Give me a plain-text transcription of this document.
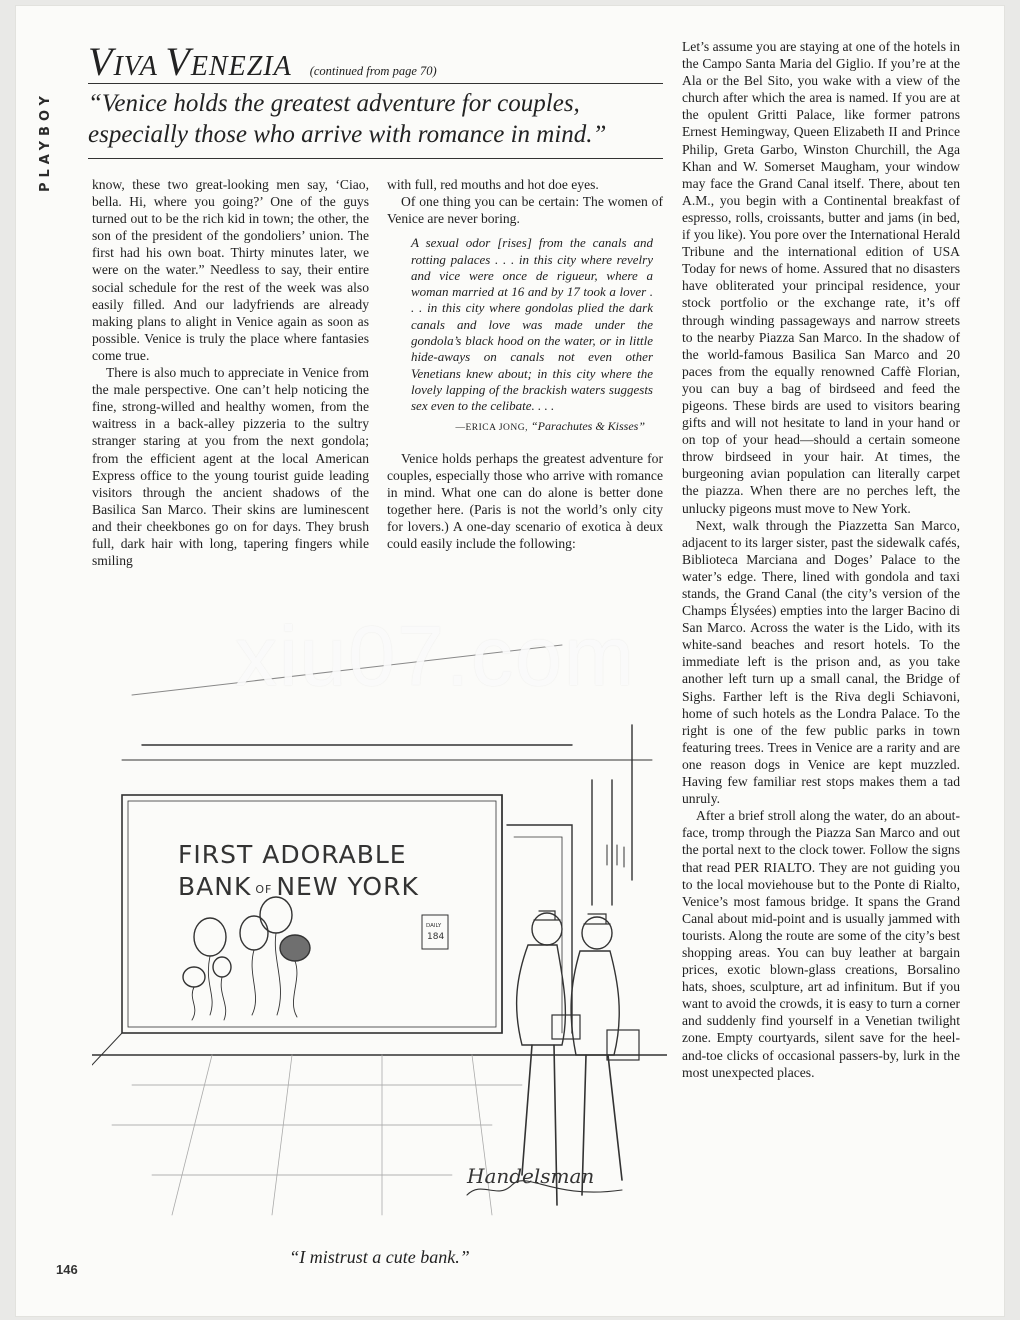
PLAYBOY
VIVA VENEZIA (continued from page 70)
“Venice holds the greatest adventure for couples, especially those who arrive with romance in mind.”

know, these two great-looking men say, ‘Ciao, bella. Hi, where you going?’ One of the guys turned out to be the rich kid in town; the other, the son of the president of the gondoliers’ union. The first had his own boat. Thirty minutes later, we were on the water.” Needless to say, their entire social schedule for the rest of the week was also easily filled. And our ladyfriends are already making plans to alight in Venice again as soon as possible. Venice is truly the place where fantasies come true.

There is also much to appreciate in Venice from the male perspective. One can’t help noticing the fine, strong-willed and healthy women, from the waitress in a back-alley pizzeria to the sultry stranger staring at you from the next gondola; from the efficient agent at the local American Express office to the young tourist guide leading visitors through the ancient shadows of the Basilica San Marco. Their skins are luminescent and their cheekbones go on for days. They brush full, dark hair with long, tapering fingers while smiling

with full, red mouths and hot doe eyes.

Of one thing you can be certain: The women of Venice are never boring.

A sexual odor [rises] from the canals and rotting palaces . . . in this city where revelry and vice were once de rigueur, where a woman married at 16 and by 17 took a lover . . . in this city where gondolas plied the dark canals and love was made under the gondola’s black hood on the water, or in little hide-aways on canals not even other Venetians knew about; in this city where the lovely lapping of the brackish waters suggests sex even to the celibate. . . .
—ERICA JONG, “Parachutes & Kisses”

Venice holds perhaps the greatest adventure for couples, especially those who arrive with romance in mind. What one can do alone is better done together here. (Paris is not the world’s only city for lovers.) A one-day scenario of exotica à deux could easily include the following:

Let’s assume you are staying at one of the hotels in the Campo Santa Maria del Giglio. If you’re at the Ala or the Bel Sito, you wake with a view of the church after which the area is named. If you are at the opulent Gritti Palace, like former patrons Ernest Hemingway, Queen Elizabeth II and Prince Philip, Greta Garbo, Winston Churchill, the Aga Khan and W. Somerset Maugham, your window may face the Grand Canal itself. There, about ten A.M., you begin with a Continental breakfast of espresso, rolls, croissants, butter and jams (in bed, if you like). You pore over the International Herald Tribune and the international edition of USA Today for news of home. Assured that no disasters have obliterated your principal residence, your stock portfolio or the exchange rate, it’s off through winding passageways and narrow streets to the nearby Piazza San Marco. In the shadow of the world-famous Basilica San Marco and 20 paces from the equally renowned Caffè Florian, you can buy a bag of birdseed and feed the pigeons. These birds are used to visitors bearing gifts and will not hesitate to land in your hand or on top of your head—should a certain someone throw birdseed in your hair. At times, the burgeoning avian population can literally carpet the piazza. When there are no perches left, the unlucky pigeons must move to New York.

Next, walk through the Piazzetta San Marco, adjacent to its larger sister, past the sidewalk cafés, Biblioteca Marciana and Doges’ Palace to the water’s edge. There, lined with gondola and taxi stands, the Grand Canal (the city’s version of the Champs Élysées) empties into the larger Bacino di San Marco. Across the water is the Lido, with its white-sand beaches and resort hotels. To the immediate left is the prison and, as you take another left turn up a small canal, the Bridge of Sighs. Farther left is the Riva degli Schiavoni, home of such hotels as the Londra Palace. To the right is one of the few public parks in town featuring trees. Trees in Venice are a rarity and are one reason dogs in Venice are kept muzzled. Having few familiar rest stops makes them a tad unruly.

After a brief stroll along the water, do an about-face, tromp through the Piazza San Marco and out the portal next to the clock tower. Follow the signs that read PER RIALTO. They are not guiding you to the local moviehouse but to the Ponte di Rialto, Venice’s most famous bridge. It spans the Grand Canal about mid-point and is usually jammed with tourists. Along the route are some of the city’s best shopping areas. You can buy leather at bargain prices, exotic blown-glass creations, Borsalino hats, shoes, sculpture, art ad infinitum. But if you want to avoid the crowds, it is easy to turn a corner and suddenly find yourself in a Venetian twilight zone. Empty courtyards, silent save for the heel-and-toe clicks of occasional passers-by, lurk in the most unexpected places.

FIRST ADORABLE
BANK OF NEW YORK
DAILY
184
Handelsman
“I mistrust a cute bank.”
146
xiu07.com
